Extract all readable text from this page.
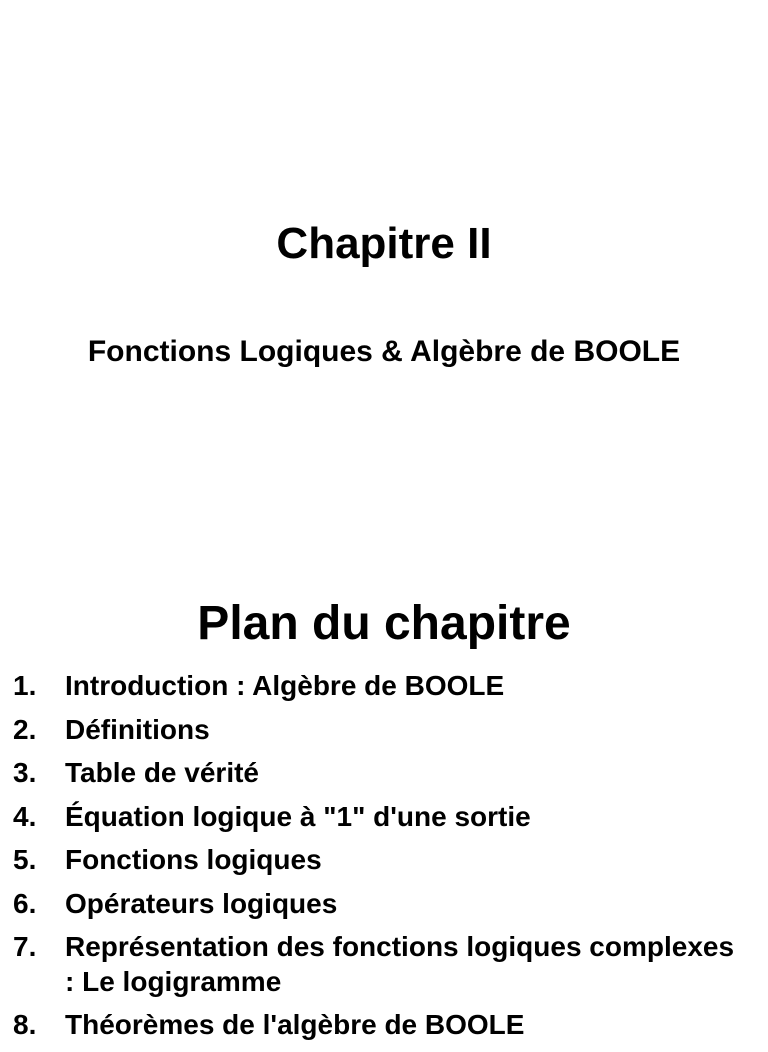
Chapitre II
Fonctions Logiques & Algèbre de BOOLE
Plan du chapitre
1. Introduction : Algèbre de BOOLE
2. Définitions
3. Table de vérité
4. Équation logique à "1" d'une sortie
5. Fonctions logiques
6. Opérateurs logiques
7. Représentation des fonctions logiques complexes : Le logigramme
8. Théorèmes de l'algèbre de BOOLE
